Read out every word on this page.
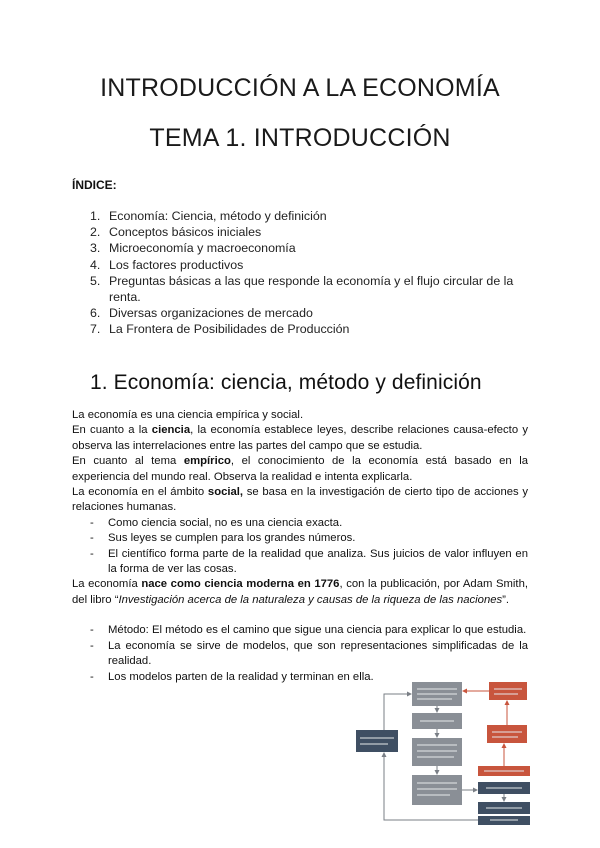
INTRODUCCIÓN A LA ECONOMÍA
TEMA 1. INTRODUCCIÓN
ÍNDICE:
1. Economía: Ciencia, método y definición
2. Conceptos básicos iniciales
3. Microeconomía y macroeconomía
4. Los factores productivos
5. Preguntas básicas a las que responde la economía y el flujo circular de la renta.
6. Diversas organizaciones de mercado
7. La Frontera de Posibilidades de Producción
1. Economía: ciencia, método y definición

La economía es una ciencia empírica y social.

En cuanto a la ciencia, la economía establece leyes, describe relaciones causa-efecto y observa las interrelaciones entre las partes del campo que se estudia.

En cuanto al tema empírico, el conocimiento de la economía está basado en la experiencia del mundo real. Observa la realidad e intenta explicarla.

La economía en el ámbito social, se basa en la investigación de cierto tipo de acciones y relaciones humanas.

- Como ciencia social, no es una ciencia exacta.
- Sus leyes se cumplen para los grandes números.
- El científico forma parte de la realidad que analiza. Sus juicios de valor influyen en la forma de ver las cosas.

La economía nace como ciencia moderna en 1776, con la publicación, por Adam Smith, del libro “Investigación acerca de la naturaleza y causas de la riqueza de las naciones”.

- Método: El método es el camino que sigue una ciencia para explicar lo que estudia.
- La economía se sirve de modelos, que son representaciones simplificadas de la realidad.
- Los modelos parten de la realidad y terminan en ella.
